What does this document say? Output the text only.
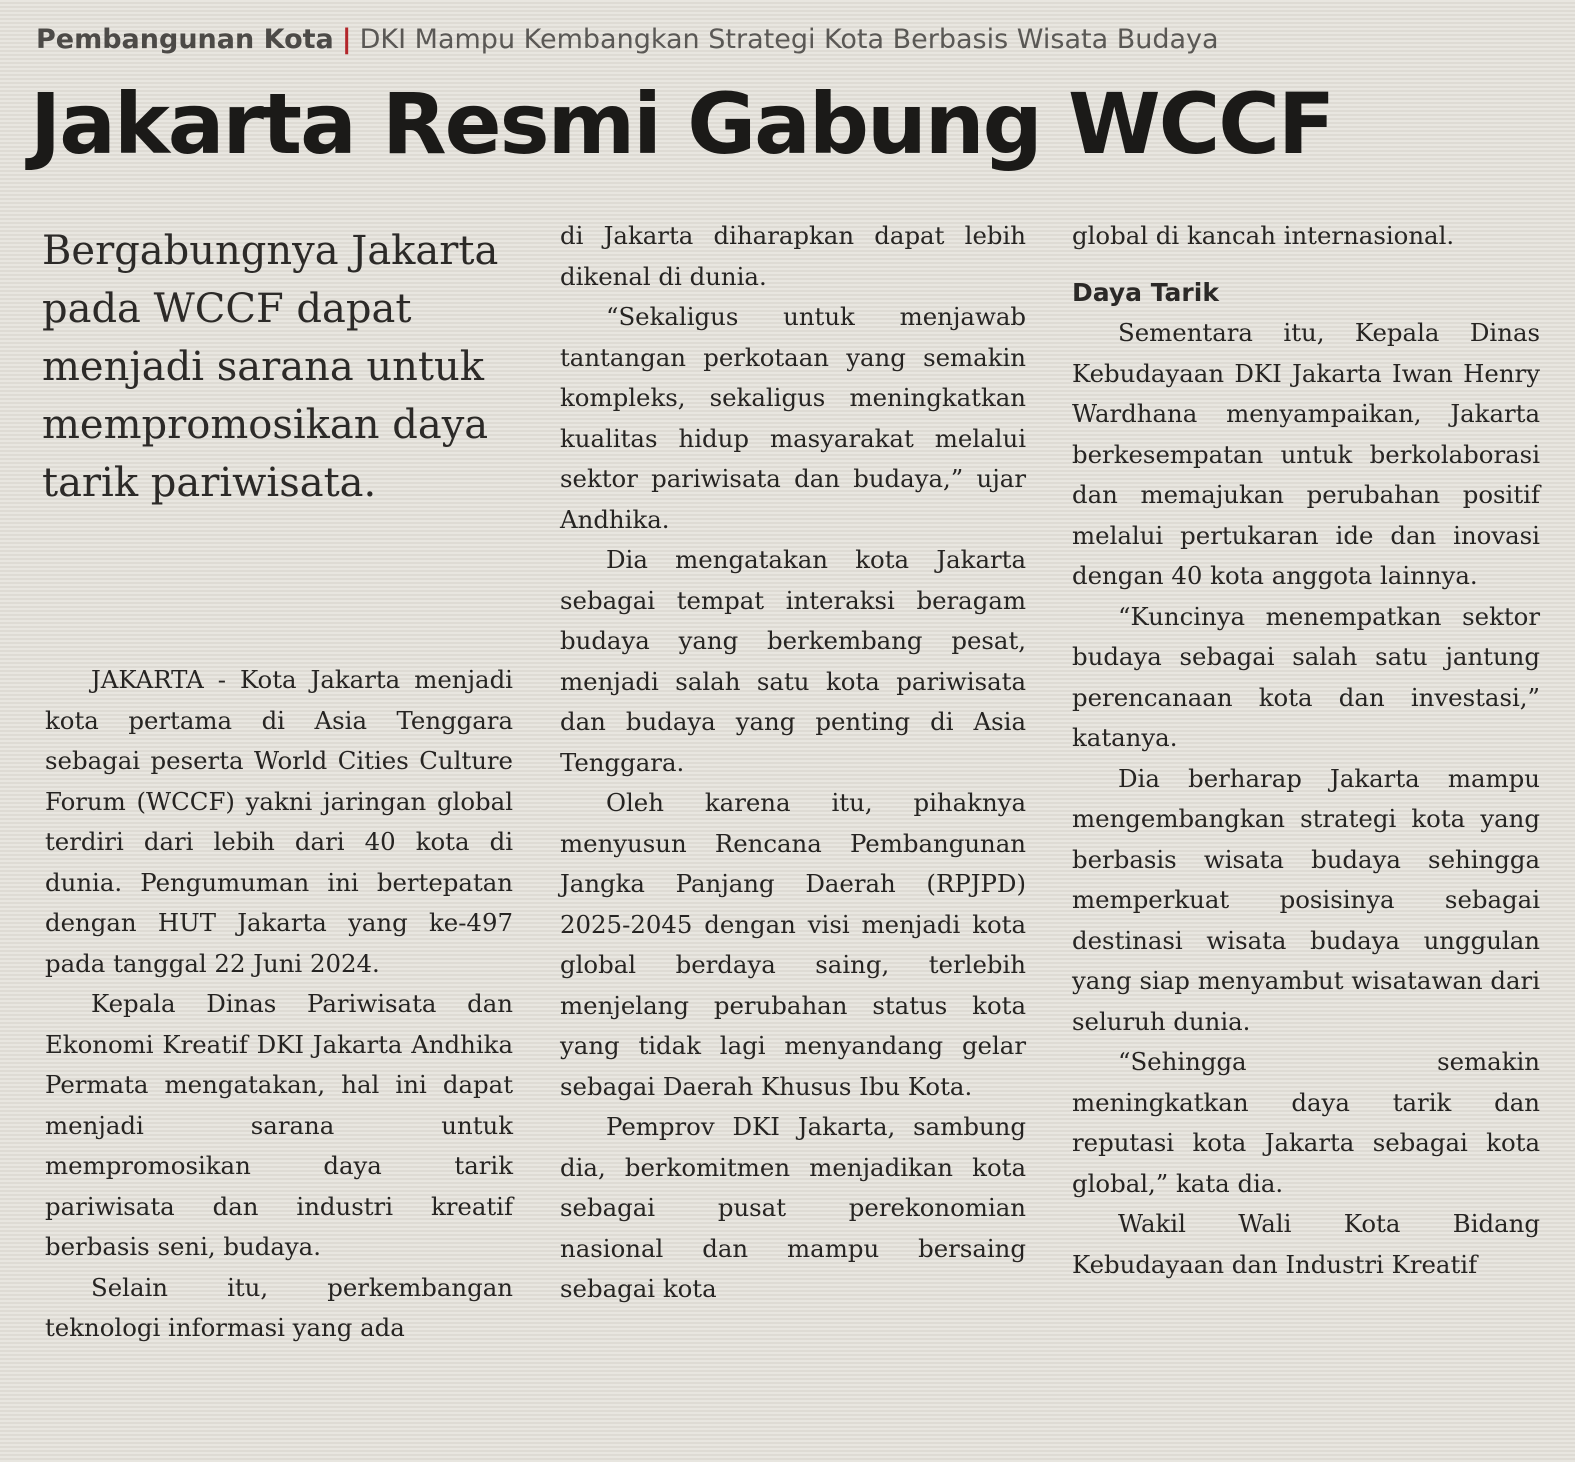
Pembangunan Kota | DKI Mampu Kembangkan Strategi Kota Berbasis Wisata Budaya
Jakarta Resmi Gabung WCCF

Bergabungnya Jakarta pada WCCF dapat menjadi sarana untuk mempromosikan daya tarik pariwisata.

JAKARTA - Kota Jakarta menjadi kota pertama di Asia Tenggara sebagai peserta World Cities Culture Forum (WCCF) yakni jaringan global terdiri dari lebih dari 40 kota di dunia. Pengumuman ini bertepatan dengan HUT Jakarta yang ke-497 pada tanggal 22 Juni 2024.

Kepala Dinas Pariwisata dan Ekonomi Kreatif DKI Jakarta Andhika Permata mengatakan, hal ini dapat menjadi sarana untuk mempromosikan daya tarik pariwisata dan industri kreatif berbasis seni, budaya.

Selain itu, perkembangan teknologi informasi yang ada

di Jakarta diharapkan dapat lebih dikenal di dunia.

“Sekaligus untuk menjawab tantangan perkotaan yang semakin kompleks, sekaligus meningkatkan kualitas hidup masyarakat melalui sektor pariwisata dan budaya,” ujar Andhika.

Dia mengatakan kota Jakarta sebagai tempat interaksi beragam budaya yang berkembang pesat, menjadi salah satu kota pariwisata dan budaya yang penting di Asia Tenggara.

Oleh karena itu, pihaknya menyusun Rencana Pembangunan Jangka Panjang Daerah (RPJPD) 2025-2045 dengan visi menjadi kota global berdaya saing, terlebih menjelang perubahan status kota yang tidak lagi menyandang gelar sebagai Daerah Khusus Ibu Kota.

Pemprov DKI Jakarta, sambung dia, berkomitmen menjadikan kota sebagai pusat perekonomian nasional dan mampu bersaing sebagai kota

global di kancah internasional.

Daya Tarik

Sementara itu, Kepala Dinas Kebudayaan DKI Jakarta Iwan Henry Wardhana menyampaikan, Jakarta berkesempatan untuk berkolaborasi dan memajukan perubahan positif melalui pertukaran ide dan inovasi dengan 40 kota anggota lainnya.

“Kuncinya menempatkan sektor budaya sebagai salah satu jantung perencanaan kota dan investasi,” katanya.

Dia berharap Jakarta mampu mengembangkan strategi kota yang berbasis wisata budaya sehingga memperkuat posisinya sebagai destinasi wisata budaya unggulan yang siap menyambut wisatawan dari seluruh dunia.

“Sehingga semakin meningkatkan daya tarik dan reputasi kota Jakarta sebagai kota global,” kata dia.

Wakil Wali Kota Bidang Kebudayaan dan Industri Kreatif
